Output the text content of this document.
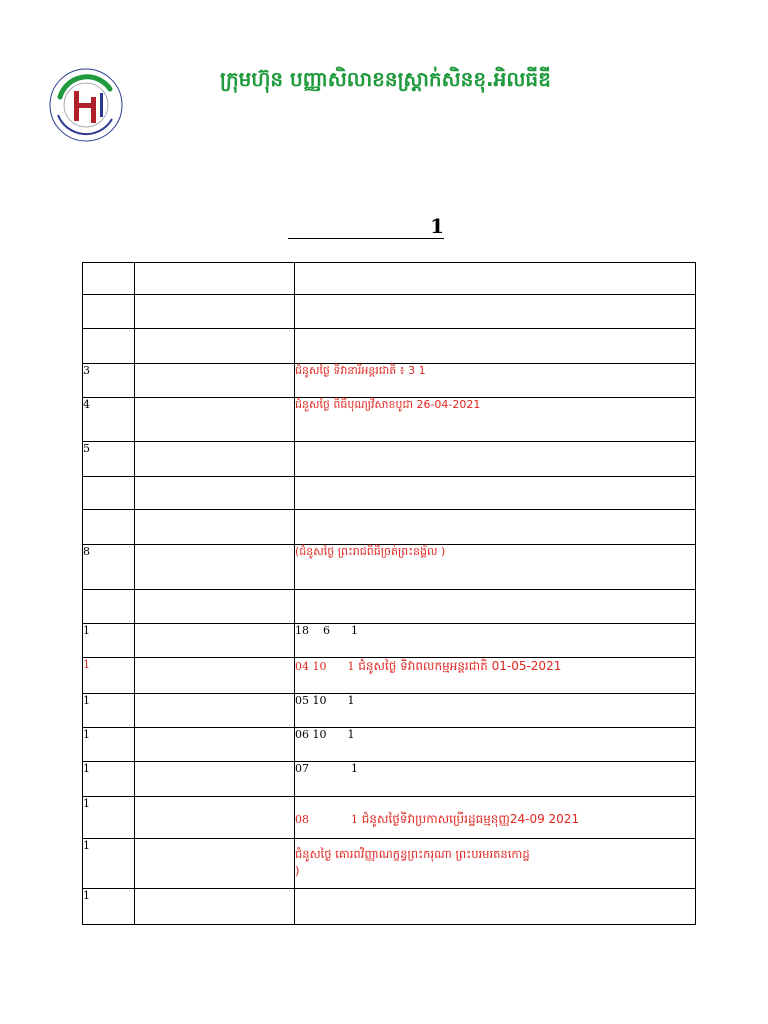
ក្រុមហ៊ុន បញ្ញាសិលាខនស្រ្តាក់សិនខុ.អិលធីឌី
1

3		ជំនូសថ្ងៃ ទិវានារីអន្តរជាតិ ៖ 3 1
4		ជំនួសថ្ងៃ ពិធីបុណ្យវិសាខបូជា 26-04-2021
5		

8		(ជំនូសថ្ងៃ ព្រះរាជពិធីច្រត់ព្រះនង្គ័ល )

1		18    6      1
1		04 10      1 ជំនូសថ្ងៃ ទិវាពលកម្មអន្តរជាតិ 01-05-2021
1		05 10      1
1		06 10      1
1		07            1
1		08            1 ជំនូសថ្ងៃទិវាប្រកាសប្រើរដ្ឋធម្មនុញ្ញ24-09 2021
1		ជំនូសថ្ងៃ គោរពវិញ្ញាណក្ខន្ធព្រះករុណា ព្រះបរមរតនកោដ្ឋ
)

1		
